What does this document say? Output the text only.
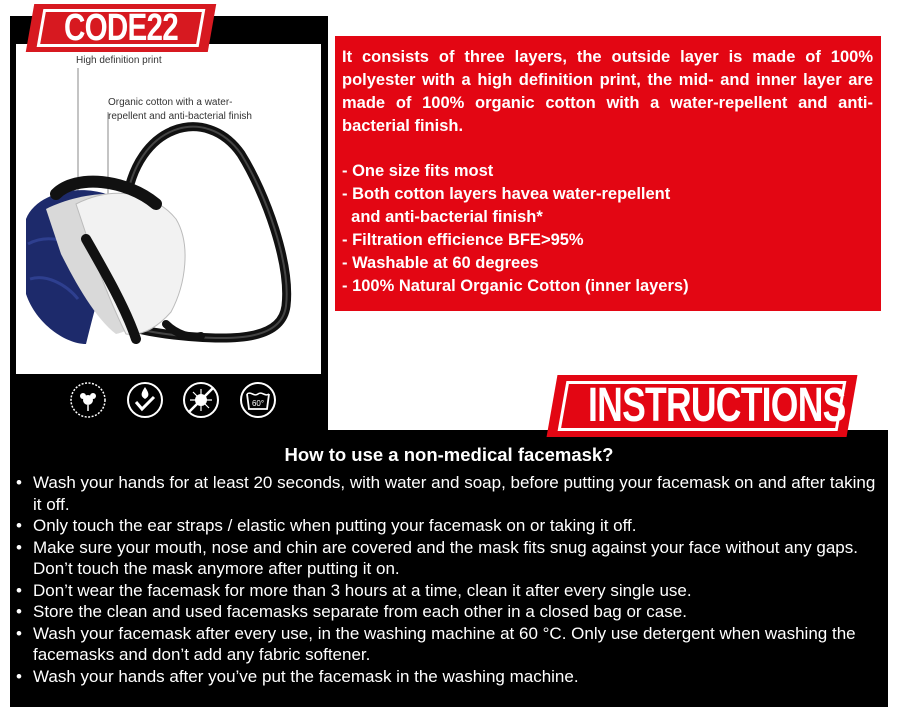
High definition print
Organic cotton with a water-repellent and anti-bacterial finish
60°
CODE22

It consists of three layers, the outside layer is made of 100% polyester with a high definition print, the mid- and inner layer are made of 100% organic cotton with a water-repellent and anti-bacterial finish.

- One size fits most
- Both cotton layers havea water-repellent
and anti-bacterial finish*
- Filtration efficience BFE>95%
- Washable at 60 degrees
- 100% Natural Organic Cotton (inner layers)
How to use a non-medical facemask?
• Wash your hands for at least 20 seconds, with water and soap, before putting your facemask on and after taking it off.
• Only touch the ear straps / elastic when putting your facemask on or taking it off.
• Make sure your mouth, nose and chin are covered and the mask fits snug against your face without any gaps. Don’t touch the mask anymore after putting it on.
• Don’t wear the facemask for more than 3 hours at a time, clean it after every single use.
• Store the clean and used facemasks separate from each other in a closed bag or case.
• Wash your facemask after every use, in the washing machine at 60 °C. Only use detergent when washing the facemasks and don’t add any fabric softener.
• Wash your hands after you’ve put the facemask in the washing machine.
INSTRUCTIONS
